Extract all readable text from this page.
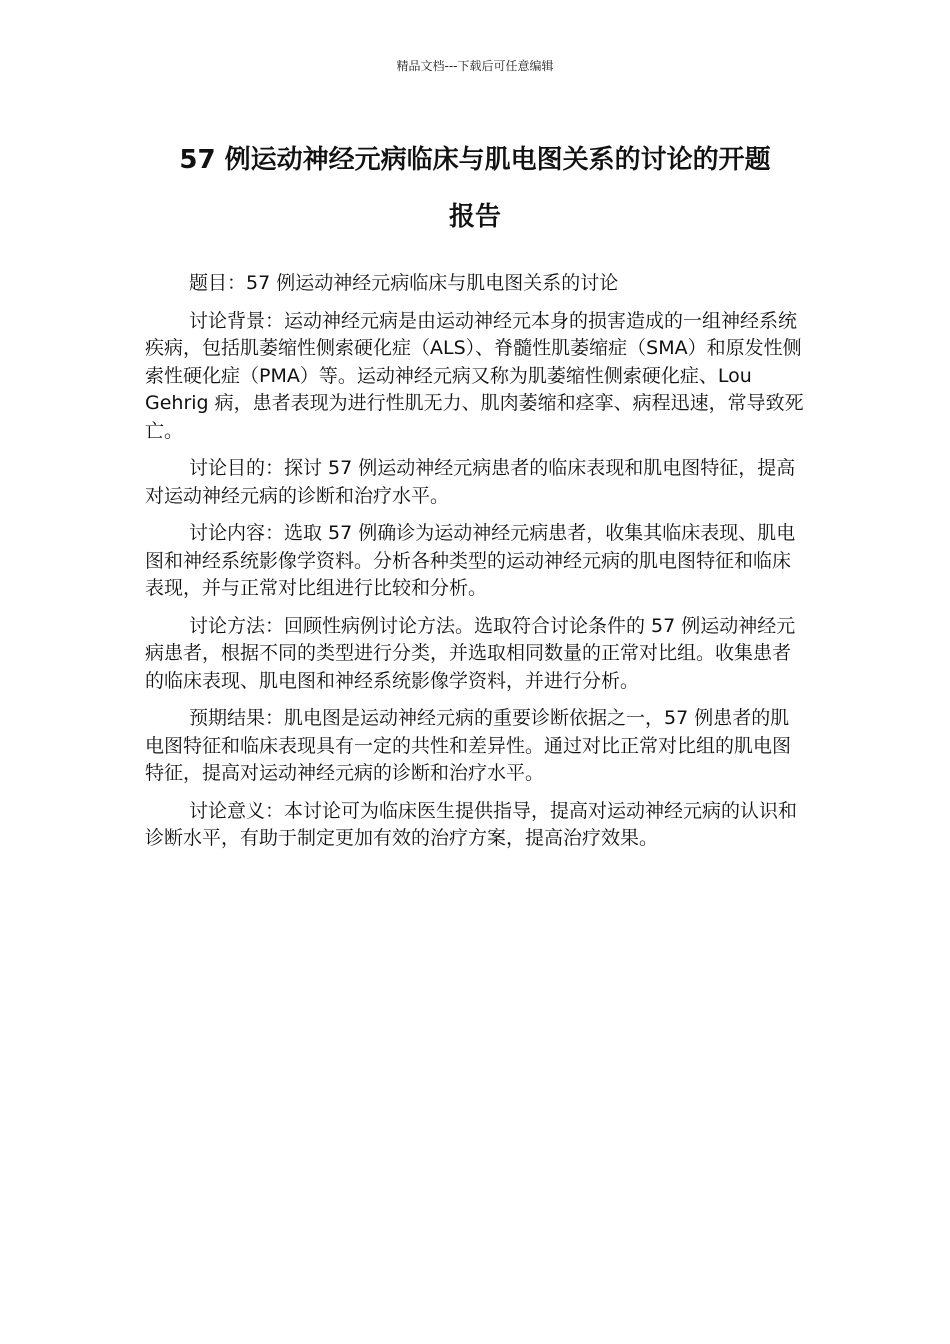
精品文档---下载后可任意编辑
57 例运动神经元病临床与肌电图关系的讨论的开题
报告

题目：57 例运动神经元病临床与肌电图关系的讨论

讨论背景：运动神经元病是由运动神经元本身的损害造成的一组神经系统疾病，包括肌萎缩性侧索硬化症（ALS）、脊髓性肌萎缩症（SMA）和原发性侧索性硬化症（PMA）等。运动神经元病又称为肌萎缩性侧索硬化症、Lou Gehrig 病，患者表现为进行性肌无力、肌肉萎缩和痉挛、病程迅速，常导致死亡。

讨论目的：探讨 57 例运动神经元病患者的临床表现和肌电图特征，提高对运动神经元病的诊断和治疗水平。

讨论内容：选取 57 例确诊为运动神经元病患者，收集其临床表现、肌电图和神经系统影像学资料。分析各种类型的运动神经元病的肌电图特征和临床表现，并与正常对比组进行比较和分析。

讨论方法：回顾性病例讨论方法。选取符合讨论条件的 57 例运动神经元病患者，根据不同的类型进行分类，并选取相同数量的正常对比组。收集患者的临床表现、肌电图和神经系统影像学资料，并进行分析。

预期结果：肌电图是运动神经元病的重要诊断依据之一，57 例患者的肌电图特征和临床表现具有一定的共性和差异性。通过对比正常对比组的肌电图特征，提高对运动神经元病的诊断和治疗水平。

讨论意义：本讨论可为临床医生提供指导，提高对运动神经元病的认识和诊断水平，有助于制定更加有效的治疗方案，提高治疗效果。
